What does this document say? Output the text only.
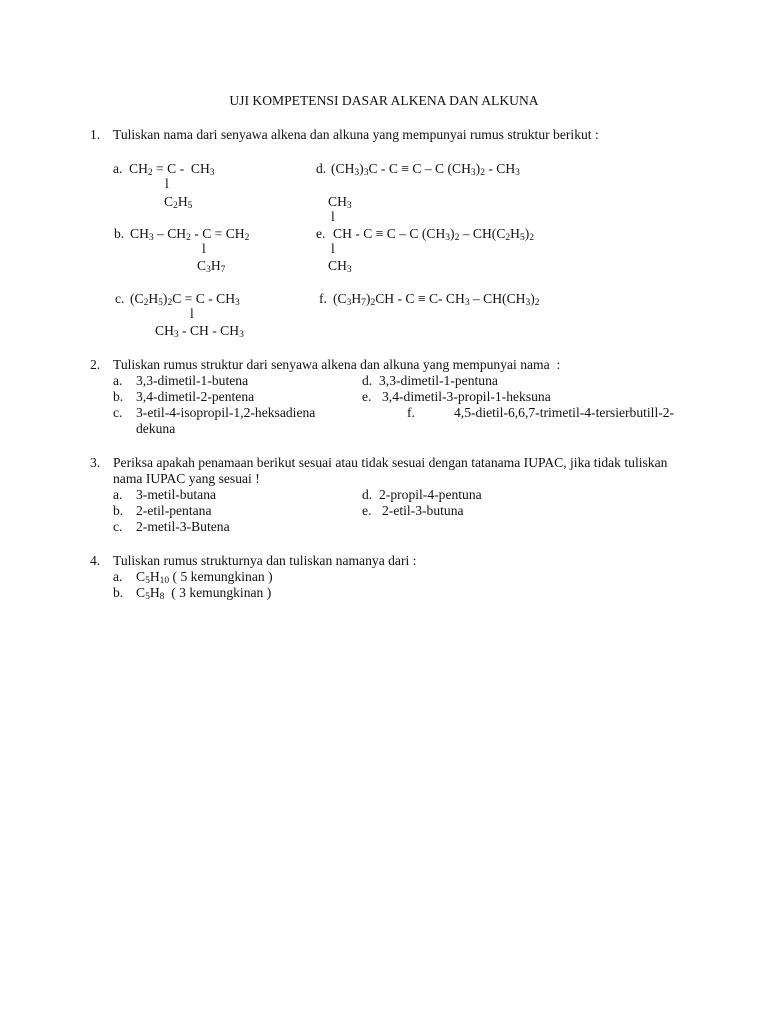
UJI KOMPETENSI DASAR ALKENA DAN ALKUNA
1. Tuliskan nama dari senyawa alkena dan alkuna yang mempunyai rumus struktur berikut :
a. $CH_2 = C - CH_3$
l
$C_2H_5$
d. $(CH_3)_3C - C \equiv C - C$ $(CH_3)_2 - CH_3$
$CH_3$
l
e. CH - C ≡ C – C $(CH_3)_2 - CH(C_2H_5)_2$
l
$CH_3$
b. $CH_3 - CH_2 - C = CH_2$
l
$C_3H_7$
c. $(C_2H_5)_2C = C - CH_3$
l
$CH_3$ - CH - $CH_3$
f. $(C_3H_7)_2CH - C \equiv C-$ $CH_3 - CH(CH_3)_2$
2. Tuliskan rumus struktur dari senyawa alkena dan alkuna yang mempunyai nama  :
a. 3,3-dimetil-1-butena
b. 3,4-dimetil-2-pentena
c. 3-etil-4-isopropil-1,2-heksadiena
d. 3,3-dimetil-1-pentuna
e. 3,4-dimetil-3-propil-1-heksuna
f.	4,5-dietil-6,6,7-trimetil-4-tersierbutill-2-
dekuna
3. Periksa apakah penamaan berikut sesuai atau tidak sesuai dengan tatanama IUPAC, jika tidak tuliskan
nama IUPAC yang sesuai !
a. 3-metil-butana
b. 2-etil-pentana
c. 2-metil-3-Butena
d. 2-propil-4-pentuna
e. 2-etil-3-butuna
4. Tuliskan rumus strukturnya dan tuliskan namanya dari :
a. $C_5H_{10}$ ( 5 kemungkinan )
b. $C_5H_8$  ( 3 kemungkinan )
